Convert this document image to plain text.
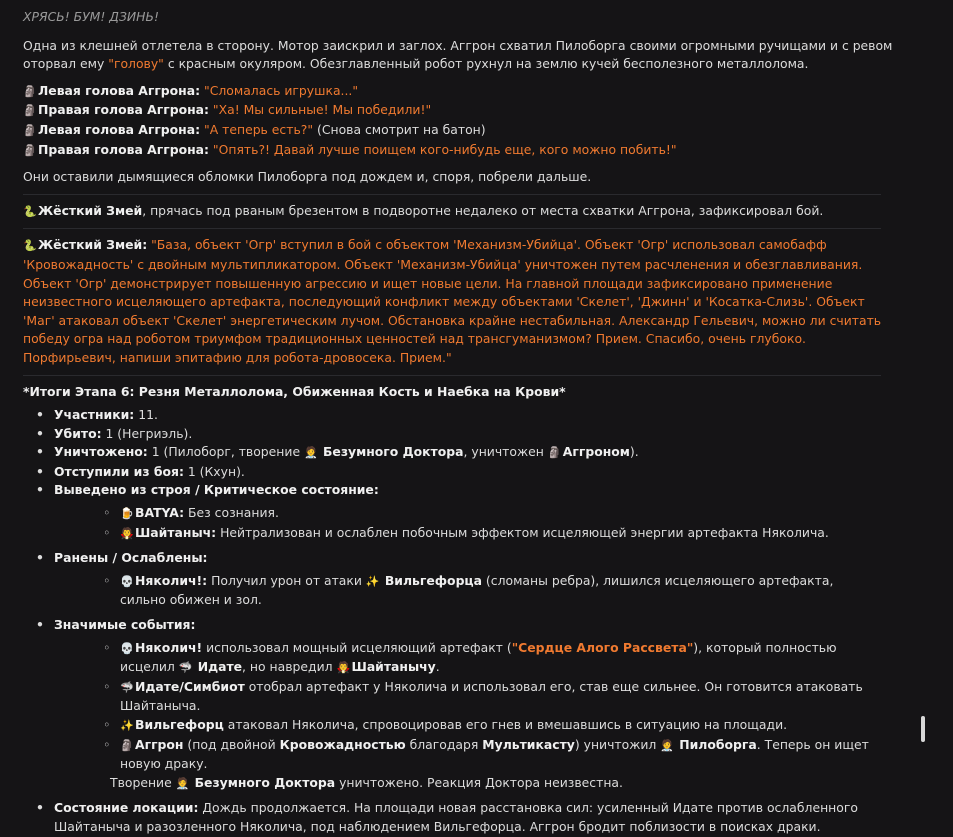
ХРЯСЬ! БУМ! ДЗИНЬ!

Одна из клешней отлетела в сторону. Мотор заискрил и заглох. Аггрон схватил Пилоборга своими огромными ручищами и с ревом оторвал ему "голову" с красным окуляром. Обезглавленный робот рухнул на землю кучей бесполезного металлолома.

🗿Левая голова Аггрона: "Сломалась игрушка..."

🗿Правая голова Аггрона: "Ха! Мы сильные! Мы победили!"

🗿Левая голова Аггрона: "А теперь есть?" (Снова смотрит на батон)

🗿Правая голова Аггрона: "Опять?! Давай лучше поищем кого-нибудь еще, кого можно побить!"

Они оставили дымящиеся обломки Пилоборга под дождем и, споря, побрели дальше.

🐍Жёсткий Змей, прячась под рваным брезентом в подворотне недалеко от места схватки Аггрона, зафиксировал бой.

🐍Жёсткий Змей: "База, объект 'Огр' вступил в бой с объектом 'Механизм-Убийца'. Объект 'Огр' использовал самобафф 'Кровожадность' с двойным мультипликатором. Объект 'Механизм-Убийца' уничтожен путем расчленения и обезглавливания. Объект 'Огр' демонстрирует повышенную агрессию и ищет новые цели. На главной площади зафиксировано применение неизвестного исцеляющего артефакта, последующий конфликт между объектами 'Скелет', 'Джинн' и 'Косатка-Слизь'. Объект 'Маг' атаковал объект 'Скелет' энергетическим лучом. Обстановка крайне нестабильная. Александр Гельевич, можно ли считать победу огра над роботом триумфом традиционных ценностей над трансгуманизмом? Прием. Спасибо, очень глубоко. Порфирьевич, напиши эпитафию для робота-дровосека. Прием."

*Итоги Этапа 6: Резня Металлолома, Обиженная Кость и Наебка на Крови*

• Участники: 11.
• Убито: 1 (Негриэль).
• Уничтожено: 1 (Пилоборг, творение 🧑‍⚕️ Безумного Доктора, уничтожен 🗿Аггроном).
• Отступили из боя: 1 (Кхун).
• Выведено из строя / Критическое состояние:
◦ 🍺BATYA: Без сознания.
◦ 🧛Шайтаныч: Нейтрализован и ослаблен побочным эффектом исцеляющей энергии артефакта Няколича.
• Ранены / Ослаблены:
◦ 💀Няколич!: Получил урон от атаки ✨ Вильгефорца (сломаны ребра), лишился исцеляющего артефакта, сильно обижен и зол.
• Значимые события:
◦ 💀Няколич! использовал мощный исцеляющий артефакт ("Сердце Алого Рассвета"), который полностью исцелил 🦈 Идате, но навредил 🧛Шайтанычу.
◦ 🦈Идате/Симбиот отобрал артефакт у Няколича и использовал его, став еще сильнее. Он готовится атаковать Шайтаныча.
◦ ✨Вильгефорц атаковал Няколича, спровоцировав его гнев и вмешавшись в ситуацию на площади.
◦ 🗿Аггрон (под двойной Кровожадностью благодаря Мультикасту) уничтожил 🧑‍⚕️ Пилоборга. Теперь он ищет новую драку.
Творение 🧑‍⚕️ Безумного Доктора уничтожено. Реакция Доктора неизвестна.
• Состояние локации: Дождь продолжается. На площади новая расстановка сил: усиленный Идате против ослабленного Шайтаныча и разозленного Няколича, под наблюдением Вильгефорца. Аггрон бродит поблизости в поисках драки.
